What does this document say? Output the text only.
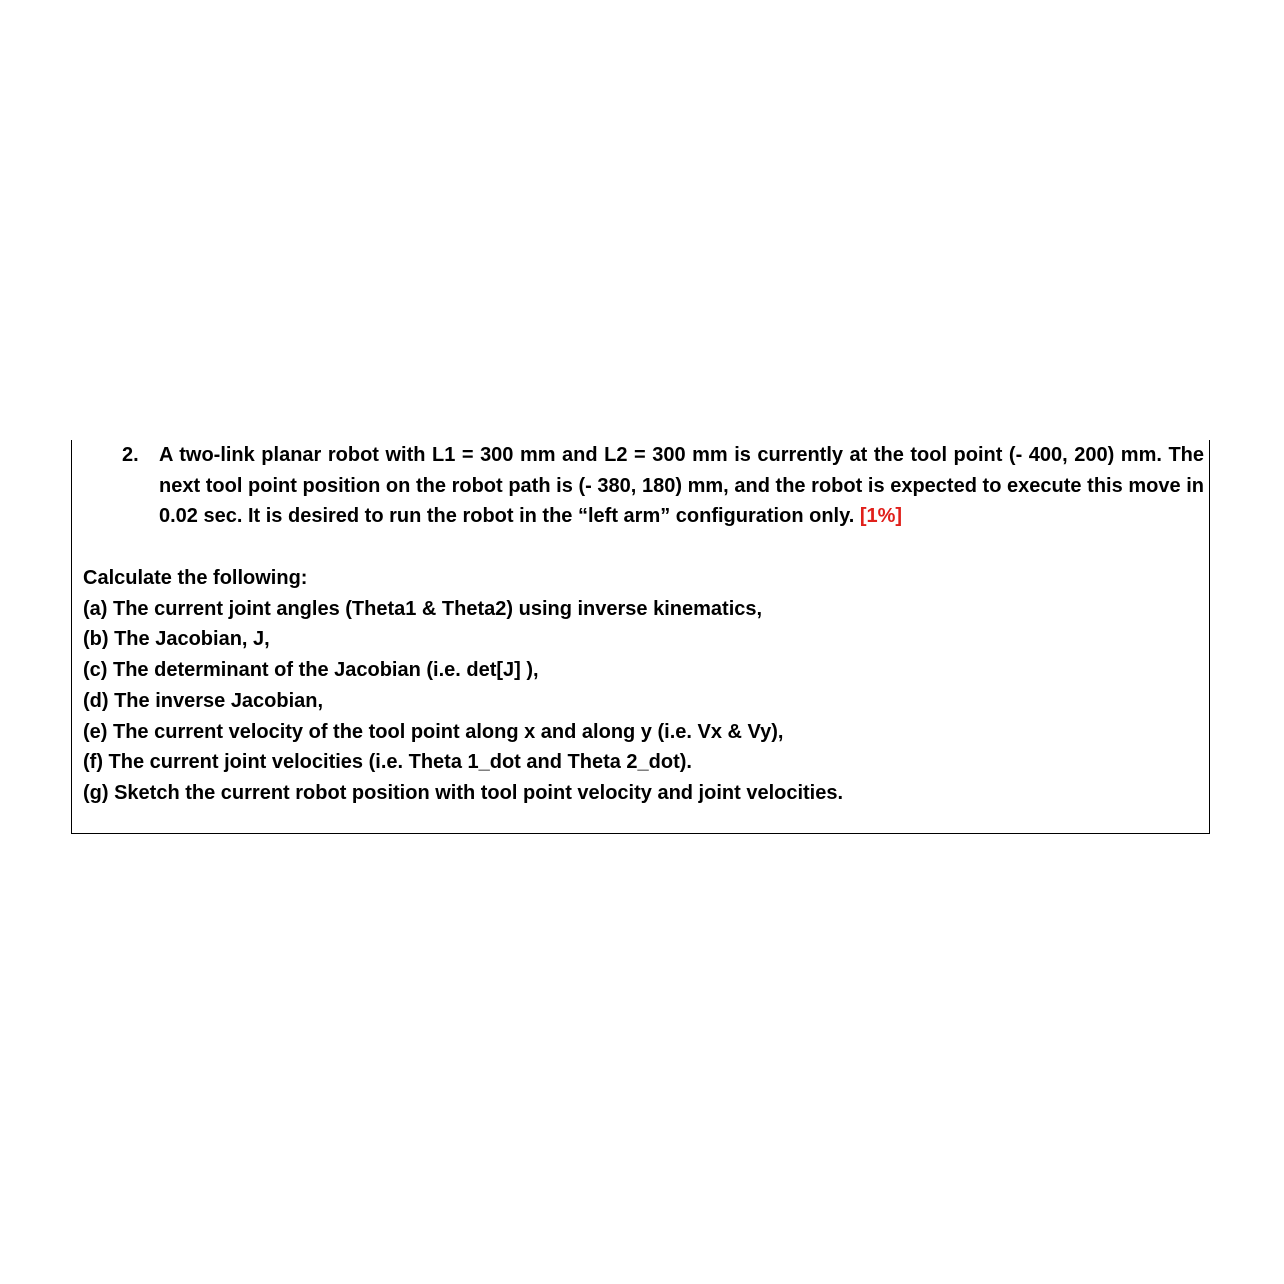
2.	A two-link planar robot with L1 = 300 mm and L2 = 300 mm is currently at the tool point (- 400, 200) mm. The next tool point position on the robot path is (- 380, 180) mm, and the robot is expected to execute this move in 0.02 sec. It is desired to run the robot in the “left arm” configuration only. [1%]
Calculate the following:
(a) The current joint angles (Theta1 & Theta2) using inverse kinematics,
(b) The Jacobian, J,
(c) The determinant of the Jacobian (i.e. det[J] ),
(d) The inverse Jacobian,
(e) The current velocity of the tool point along x and along y (i.e. Vx & Vy),
(f) The current joint velocities (i.e. Theta 1_dot and Theta 2_dot).
(g) Sketch the current robot position with tool point velocity and joint velocities.
